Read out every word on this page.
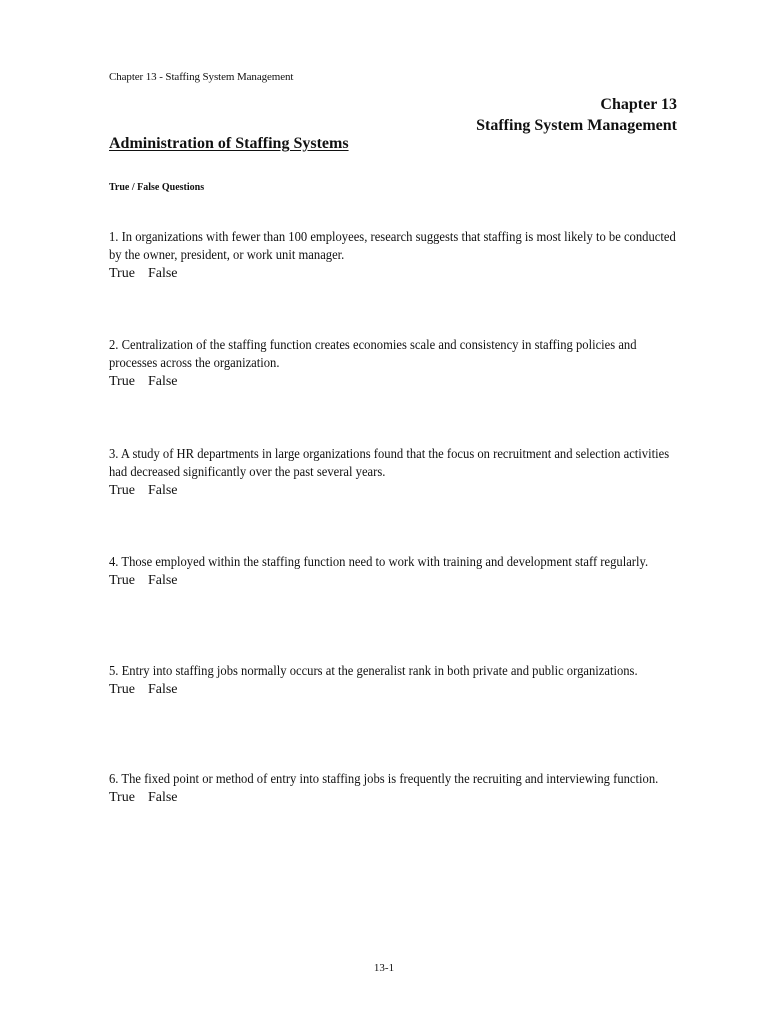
Chapter 13 - Staffing System Management
Chapter 13
Staffing System Management
Administration of Staffing Systems
True / False Questions
1. In organizations with fewer than 100 employees, research suggests that staffing is most likely to be conducted by the owner, president, or work unit manager.
True False
2. Centralization of the staffing function creates economies scale and consistency in staffing policies and processes across the organization.
True False
3. A study of HR departments in large organizations found that the focus on recruitment and selection activities had decreased significantly over the past several years.
True False
4. Those employed within the staffing function need to work with training and development staff regularly.
True False
5. Entry into staffing jobs normally occurs at the generalist rank in both private and public organizations.
True False
6. The fixed point or method of entry into staffing jobs is frequently the recruiting and interviewing function.
True False
13-1
